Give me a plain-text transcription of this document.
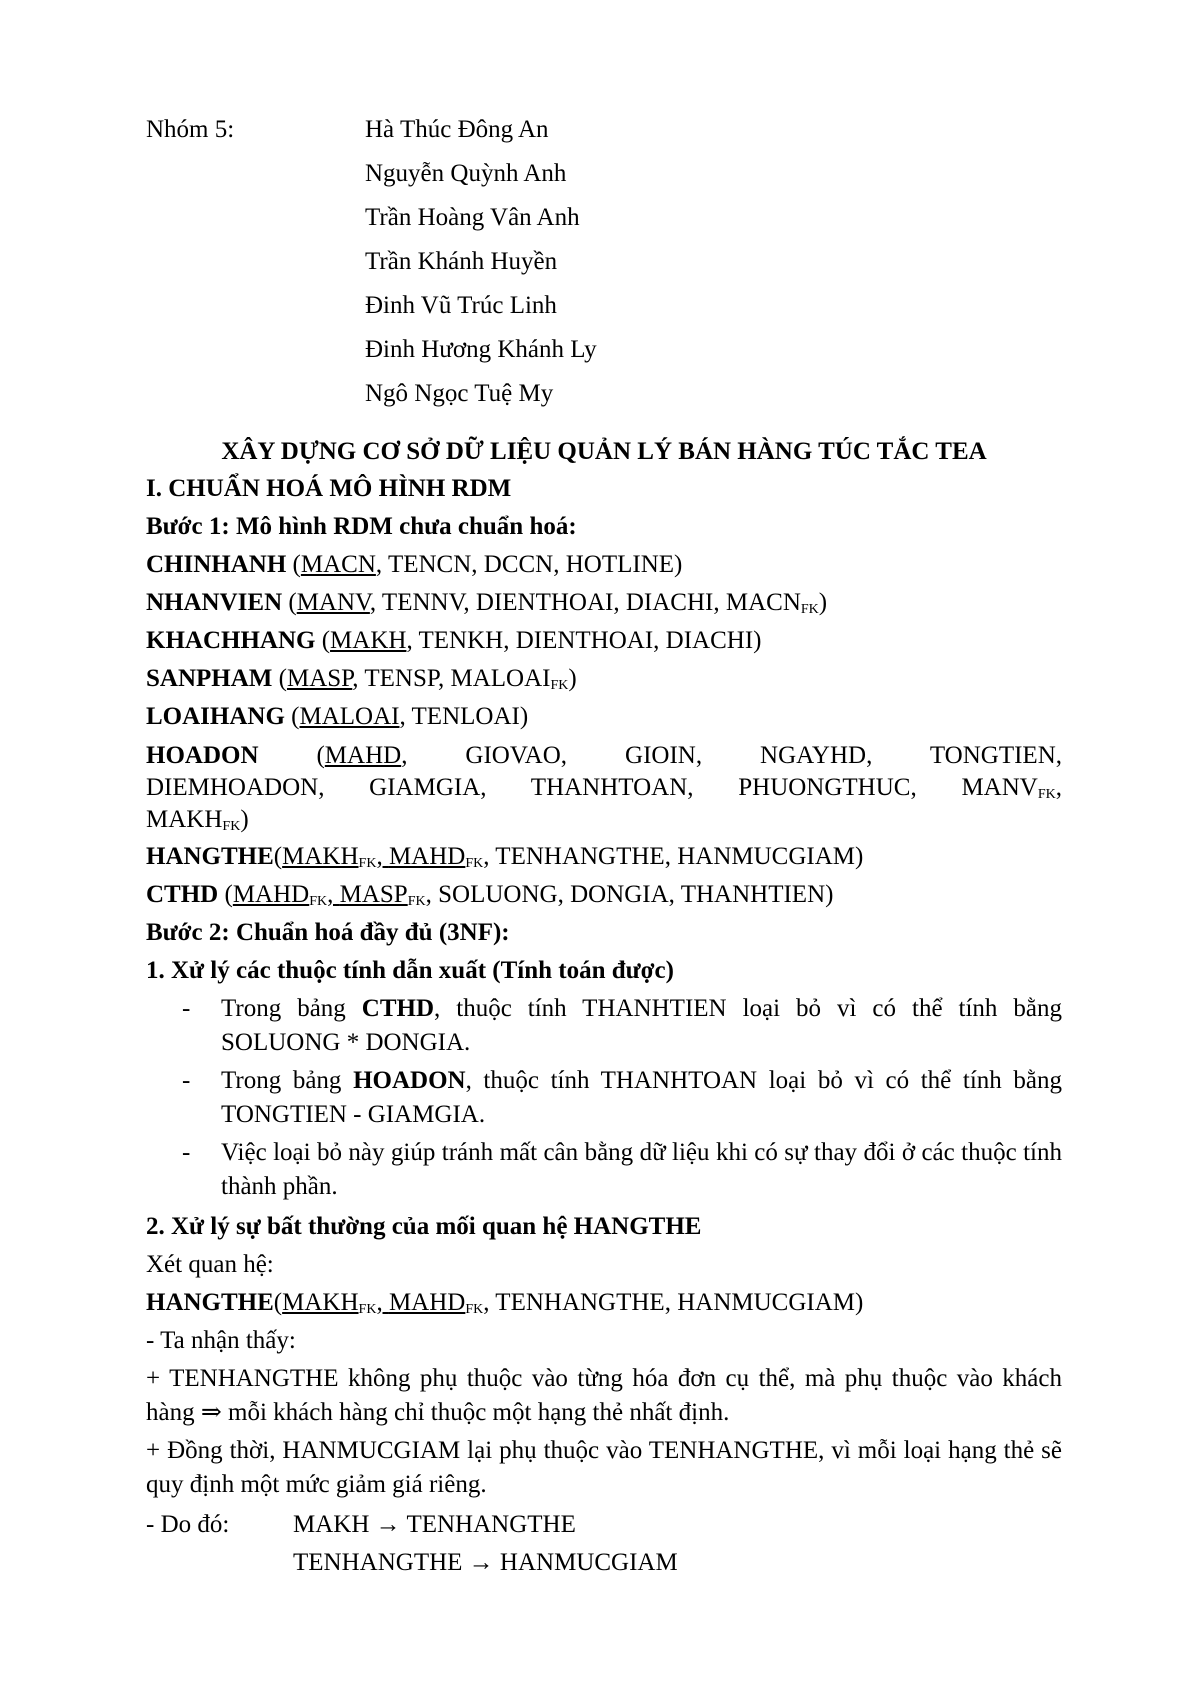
Nhóm 5:	Hà Thúc Đông An
Nguyễn Quỳnh Anh
Trần Hoàng Vân Anh
Trần Khánh Huyền
Đinh Vũ Trúc Linh
Đinh Hương Khánh Ly
Ngô Ngọc Tuệ My
XÂY DỰNG CƠ SỞ DỮ LIỆU QUẢN LÝ BÁN HÀNG TÚC TẮC TEA
I. CHUẨN HOÁ MÔ HÌNH RDM
Bước 1: Mô hình RDM chưa chuẩn hoá:
CHINHANH (MACN, TENCN, DCCN, HOTLINE)
NHANVIEN (MANV, TENNV, DIENTHOAI, DIACHI, $MACN_{FK}$)
KHACHHANG (MAKH, TENKH, DIENTHOAI, DIACHI)
SANPHAM (MASP, TENSP, $MALOAI_{FK}$)
LOAIHANG (MALOAI, TENLOAI)
HOADON (MAHD, GIOVAO, GIOIN, NGAYHD, TONGTIEN,
DIEMHOADON, GIAMGIA, THANHTOAN, PHUONGTHUC, $MANV_{FK}$,
$MAKH_{FK}$)
$HANGTHE(MAKH_{FK}$, $MAHD_{FK}$, TENHANGTHE, HANMUCGIAM)
CTHD ($MAHD_{FK}$, $MASP_{FK}$, SOLUONG, DONGIA, THANHTIEN)
Bước 2: Chuẩn hoá đầy đủ (3NF):
1. Xử lý các thuộc tính dẫn xuất (Tính toán được)
- Trong bảng CTHD, thuộc tính THANHTIEN loại bỏ vì có thể tính bằng SOLUONG * DONGIA.
- Trong bảng HOADON, thuộc tính THANHTOAN loại bỏ vì có thể tính bằng TONGTIEN - GIAMGIA.
- Việc loại bỏ này giúp tránh mất cân bằng dữ liệu khi có sự thay đổi ở các thuộc tính thành phần.
2. Xử lý sự bất thường của mối quan hệ HANGTHE
Xét quan hệ:
$HANGTHE(MAKH_{FK}$, $MAHD_{FK}$, TENHANGTHE, HANMUCGIAM)
- Ta nhận thấy:
+ TENHANGTHE không phụ thuộc vào từng hóa đơn cụ thể, mà phụ thuộc vào khách hàng ⇒ mỗi khách hàng chỉ thuộc một hạng thẻ nhất định.
+ Đồng thời, HANMUCGIAM lại phụ thuộc vào TENHANGTHE, vì mỗi loại hạng thẻ sẽ quy định một mức giảm giá riêng.
- Do đó:	MAKH → TENHANGTHE
TENHANGTHE → HANMUCGIAM
